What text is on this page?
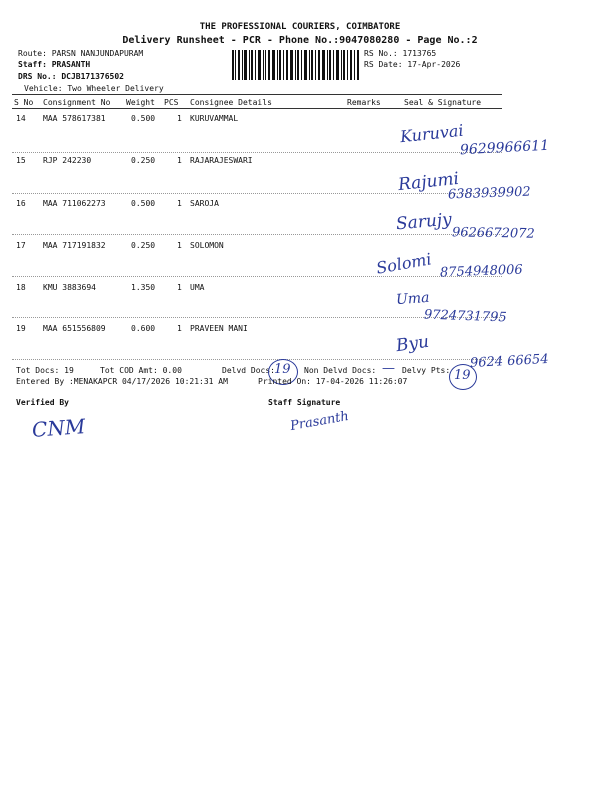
THE PROFESSIONAL COURIERS, COIMBATORE
Delivery Runsheet - PCR - Phone No.:9047080280 - Page No.:2
Route: PARSN NANJUNDAPURAM
Staff: PRASANTH
DRS No.: DCJB171376502
Vehicle: Two Wheeler Delivery
RS No.: 1713765
RS Date: 17-Apr-2026
S No Consignment No Weight PCS Consignee Details	Remarks	Seal & Signature
14 MAA 578617381	0.500	1 KURUVAMMAL
15 RJP 242230	0.250	1 RAJARAJESWARI
16 MAA 711062273	0.500	1 SAROJA
17 MAA 717191832	0.250	1 SOLOMON
18 KMU 3883694	1.350	1 UMA
19 MAA 651556809	0.600	1 PRAVEEN MANI
Kuruvai
9629966611
Rajumi
6383939902
Sarujy 9626672072
Solomi 8754948006
Uma
9724731795
Byu
9624 66654
Tot Docs: 19	Tot COD Amt: 0.00	Delvd Docs:	Non Delvd Docs: — Delvy Pts:
19	19
Entered By :MENAKAPCR 04/17/2026 10:21:31 AM	Printed On: 17-04-2026 11:26:07
Verified By	Staff Signature
CNM	Prasanth
